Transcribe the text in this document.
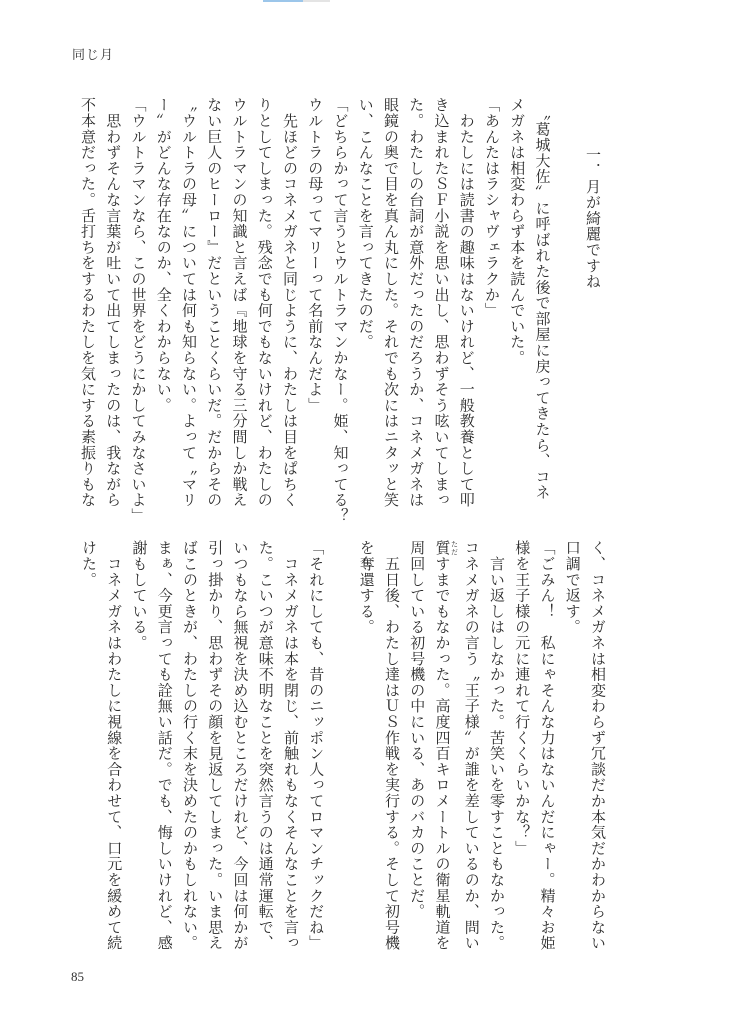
同じ月
一．月が綺麗ですね
　〝葛城大佐〟に呼ばれた後で部屋に戻ってきたら、コネ
メガネは相変わらず本を読んでいた。
「あんたはラシャヴェラクか」
　わたしには読書の趣味はないけれど、一般教養として叩
き込まれたＳＦ小説を思い出し、思わずそう呟いてしまっ
た。わたしの台詞が意外だったのだろうか、コネメガネは
眼鏡の奥で目を真ん丸にした。それでも次にはニタッと笑
い、こんなことを言ってきたのだ。
「どちらかって言うとウルトラマンかなー。姫、知ってる？
ウルトラの母ってマリーって名前なんだよ」
　先ほどのコネメガネと同じように、わたしは目をぱちく
りとしてしまった。残念でも何でもないけれど、わたしの
ウルトラマンの知識と言えば『地球を守る三分間しか戦え
ない巨人のヒーロー』だということくらいだ。だからその
〝ウルトラの母〟については何も知らない。よって〝マリ
ー〟がどんな存在なのか、全くわからない。
「ウルトラマンなら、この世界をどうにかしてみなさいよ」
　思わずそんな言葉が吐いて出てしまったのは、我ながら
不本意だった。舌打ちをするわたしを気にする素振りもな
く、コネメガネは相変わらず冗談だか本気だかわからない
口調で返す。
「ごみん！　私にゃそんな力はないんだにゃー。精々お姫
様を王子様の元に連れて行くくらいかな？」
　言い返しはしなかった。苦笑いを零すこともなかった。
コネメガネの言う〝王子様〟が誰を差しているのか、問い
質 ただすまでもなかった。高度四百キロメートルの衛星軌道を
周回している初号機の中にいる、あのバカのことだ。
　五日後、わたし達はＵＳ作戦を実行する。そして初号機
を奪還する。
「それにしても、昔のニッポン人ってロマンチックだね」
　コネメガネは本を閉じ、前触れもなくそんなことを言っ
た。こいつが意味不明なことを突然言うのは通常運転で、
いつもなら無視を決め込むところだけれど、今回は何かが
引っ掛かり、思わずその顔を見返してしまった。いま思え
ばこのときが、わたしの行く末を決めたのかもしれない。
まぁ、今更言っても詮無い話だ。でも、悔しいけれど、感
謝もしている。
　コネメガネはわたしに視線を合わせて、口元を緩めて続
けた。
85
